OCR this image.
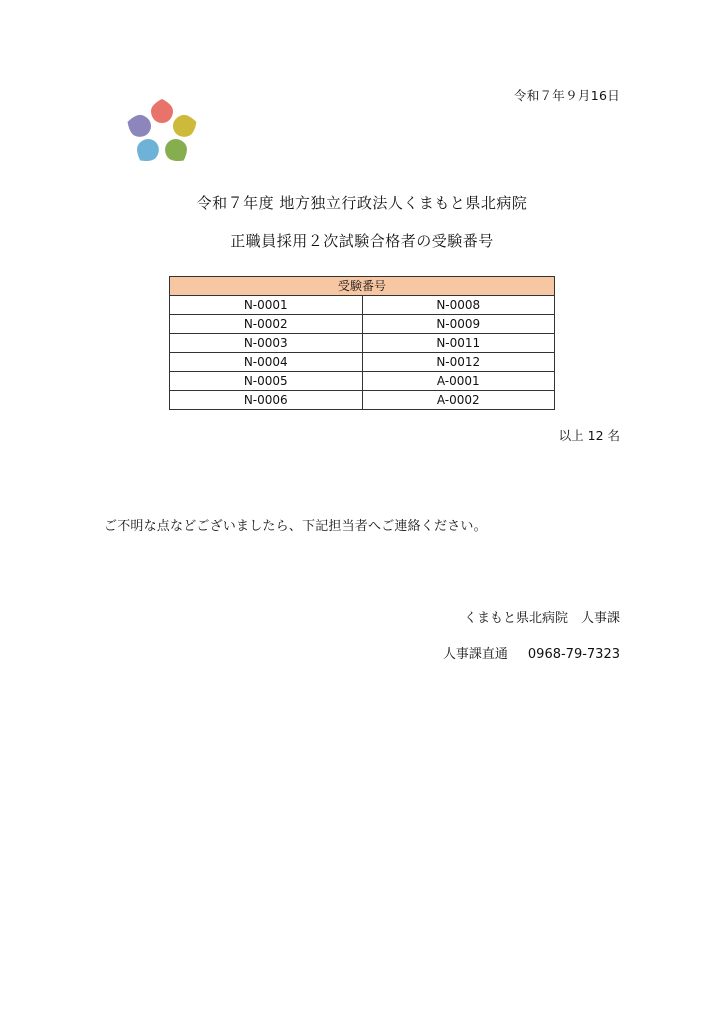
令和７年９月16日
令和７年度 地方独立行政法人くまもと県北病院
正職員採用２次試験合格者の受験番号
受験番号	
N-0001	N-0008
N-0002	N-0009
N-0003	N-0011
N-0004	N-0012
N-0005	A-0001
N-0006	A-0002
以上 12 名
ご不明な点などございましたら、下記担当者へご連絡ください。
くまもと県北病院　人事課
人事課直通 0968-79-7323
